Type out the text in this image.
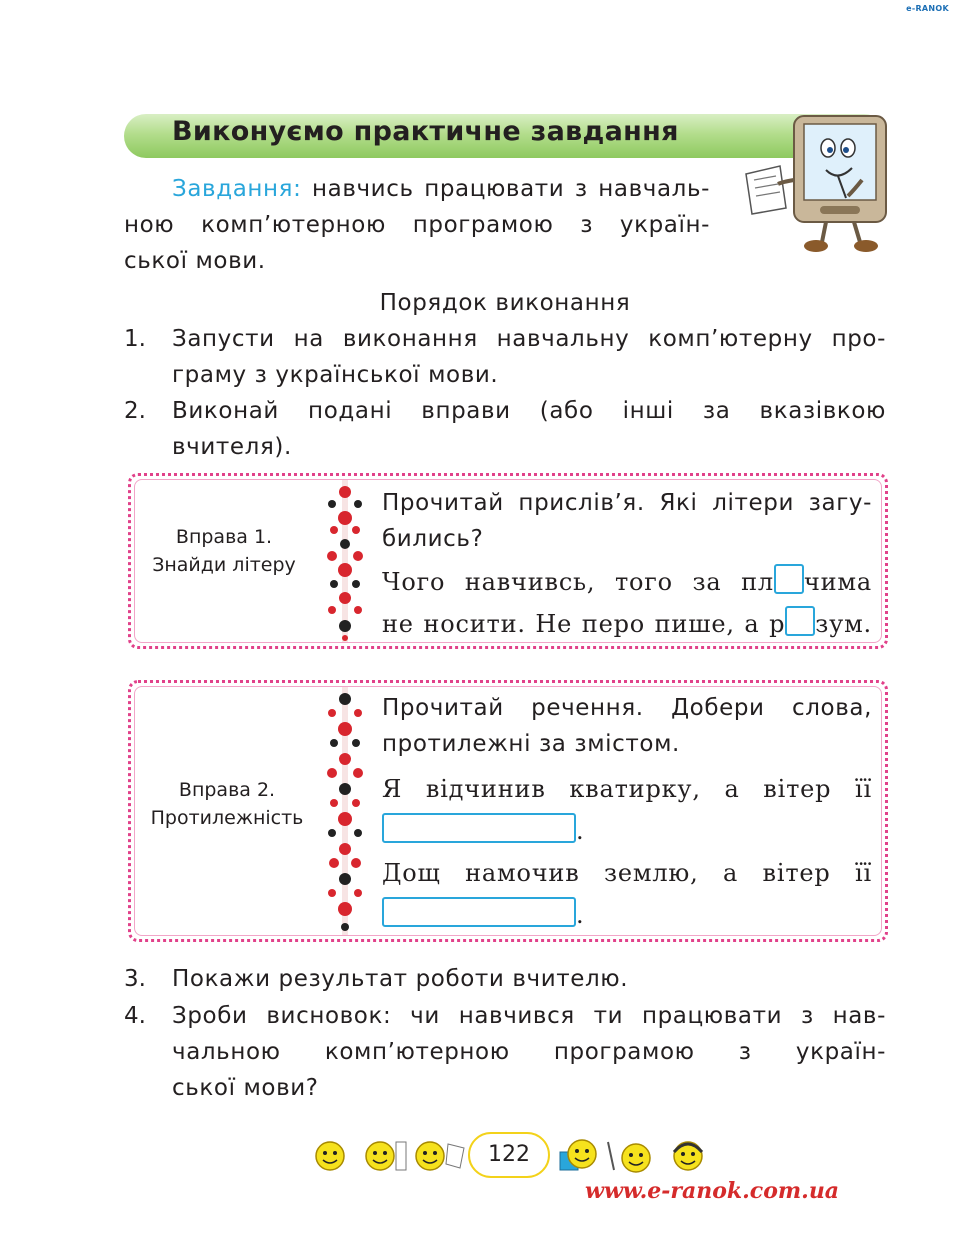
e-RANOK
Виконуємо практичне завдання
Завдання: навчись працювати з навчаль-
ною комп’ютерною програмою з україн-
ської мови.
Порядок виконання
1. Запусти на виконання навчальну комп’ютерну про-
граму з української мови.
2. Виконай подані вправи (або інші за вказівкою
вчителя).
Вправа 1.
Знайди літеру
Прочитай прислів’я. Які літери загу-
бились?
Чого навчивсь, того за пл чима
не носити. Не перо пише, а р зум.
Вправа 2.
Протилежність
Прочитай речення. Добери слова,
протилежні за змістом.
Я відчинив кватирку, а вітер її
.
Дощ намочив землю, а вітер її
.
3. Покажи результат роботи вчителю.
4. Зроби висновок: чи навчився ти працювати з нав-
чальною комп’ютерною програмою з україн-
ської мови?
122
www.e-ranok.com.ua
